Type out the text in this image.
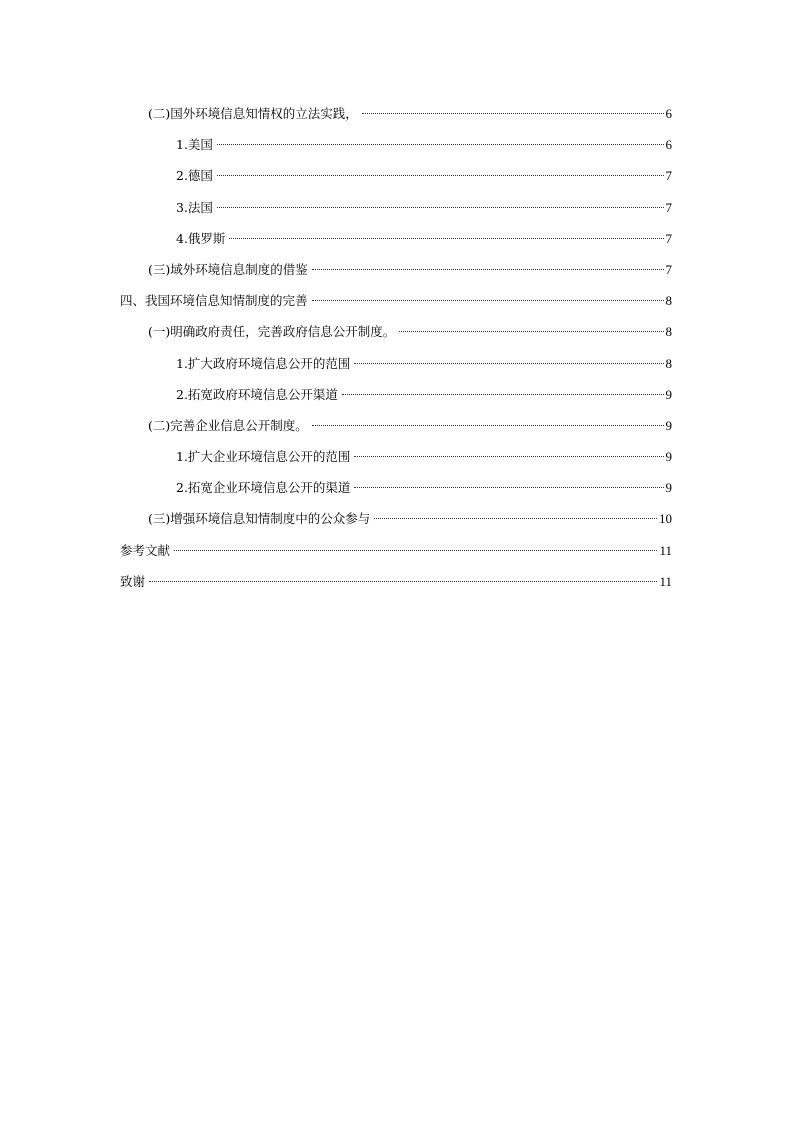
(二)国外环境信息知情权的立法实践，	6
1.美国	6
2.德国	7
3.法国	7
4.俄罗斯	7
(三)域外环境信息制度的借鉴	7
四、我国环境信息知情制度的完善	8
(一)明确政府责任，完善政府信息公开制度。	8
1.扩大政府环境信息公开的范围	8
2.拓宽政府环境信息公开渠道	9
(二)完善企业信息公开制度。	9
1.扩大企业环境信息公开的范围	9
2.拓宽企业环境信息公开的渠道	9
(三)增强环境信息知情制度中的公众参与	10
参考文献	11
致谢	11
